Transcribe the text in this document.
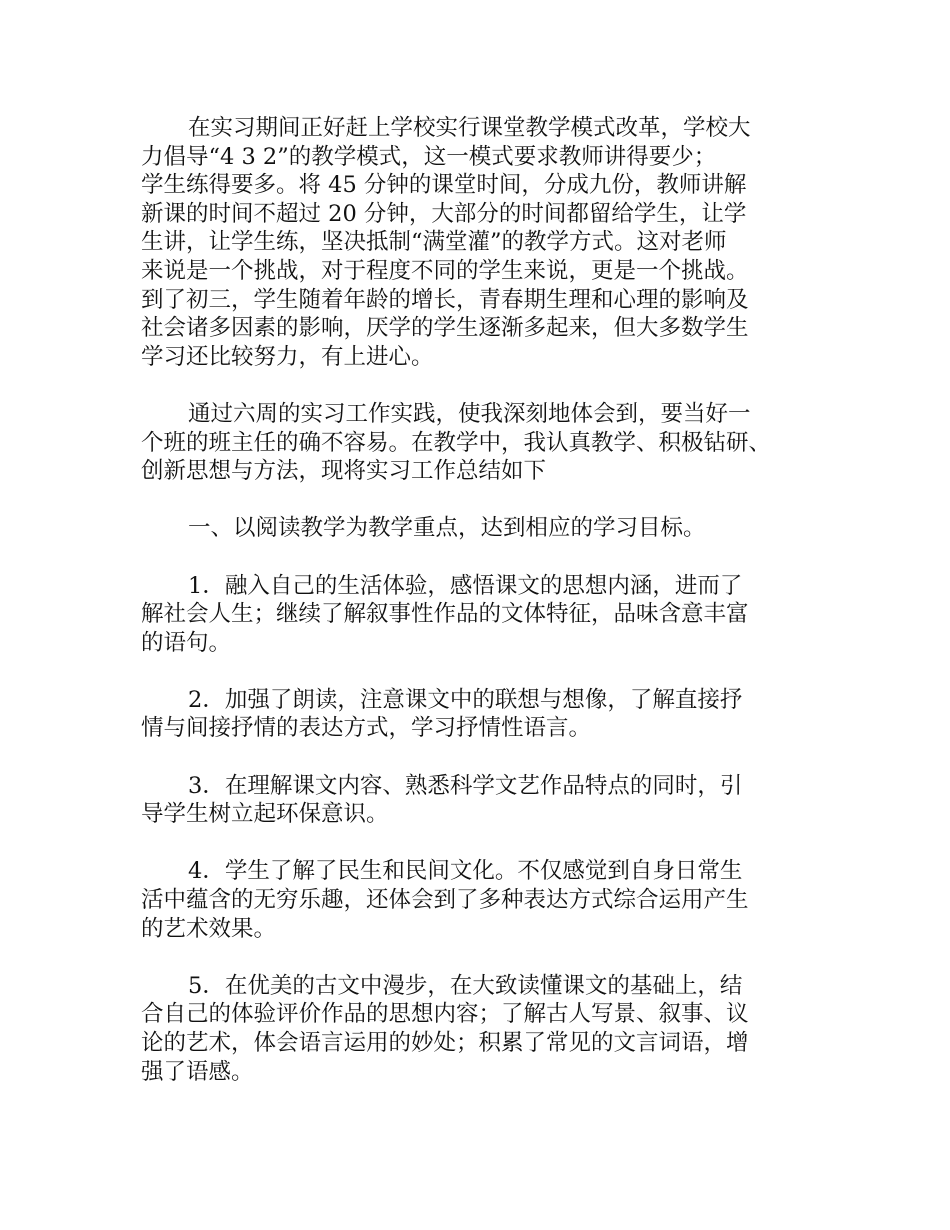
在实习期间正好赶上学校实行课堂教学模式改革，学校大
力倡导“4 3 2”的教学模式，这一模式要求教师讲得要少；
学生练得要多。将 45 分钟的课堂时间，分成九份，教师讲解
新课的时间不超过 20 分钟，大部分的时间都留给学生，让学
生讲，让学生练，坚决抵制“满堂灌”的教学方式。这对老师
来说是一个挑战，对于程度不同的学生来说，更是一个挑战。
到了初三，学生随着年龄的增长，青春期生理和心理的影响及
社会诸多因素的影响，厌学的学生逐渐多起来，但大多数学生
学习还比较努力，有上进心。

通过六周的实习工作实践，使我深刻地体会到，要当好一
个班的班主任的确不容易。在教学中，我认真教学、积极钻研、
创新思想与方法，现将实习工作总结如下

一、以阅读教学为教学重点，达到相应的学习目标。

1．融入自己的生活体验，感悟课文的思想内涵，进而了
解社会人生；继续了解叙事性作品的文体特征，品味含意丰富
的语句。

2．加强了朗读，注意课文中的联想与想像，了解直接抒
情与间接抒情的表达方式，学习抒情性语言。

3．在理解课文内容、熟悉科学文艺作品特点的同时，引
导学生树立起环保意识。

4．学生了解了民生和民间文化。不仅感觉到自身日常生
活中蕴含的无穷乐趣，还体会到了多种表达方式综合运用产生
的艺术效果。

5．在优美的古文中漫步，在大致读懂课文的基础上，结
合自己的体验评价作品的思想内容；了解古人写景、叙事、议
论的艺术，体会语言运用的妙处；积累了常见的文言词语，增
强了语感。
